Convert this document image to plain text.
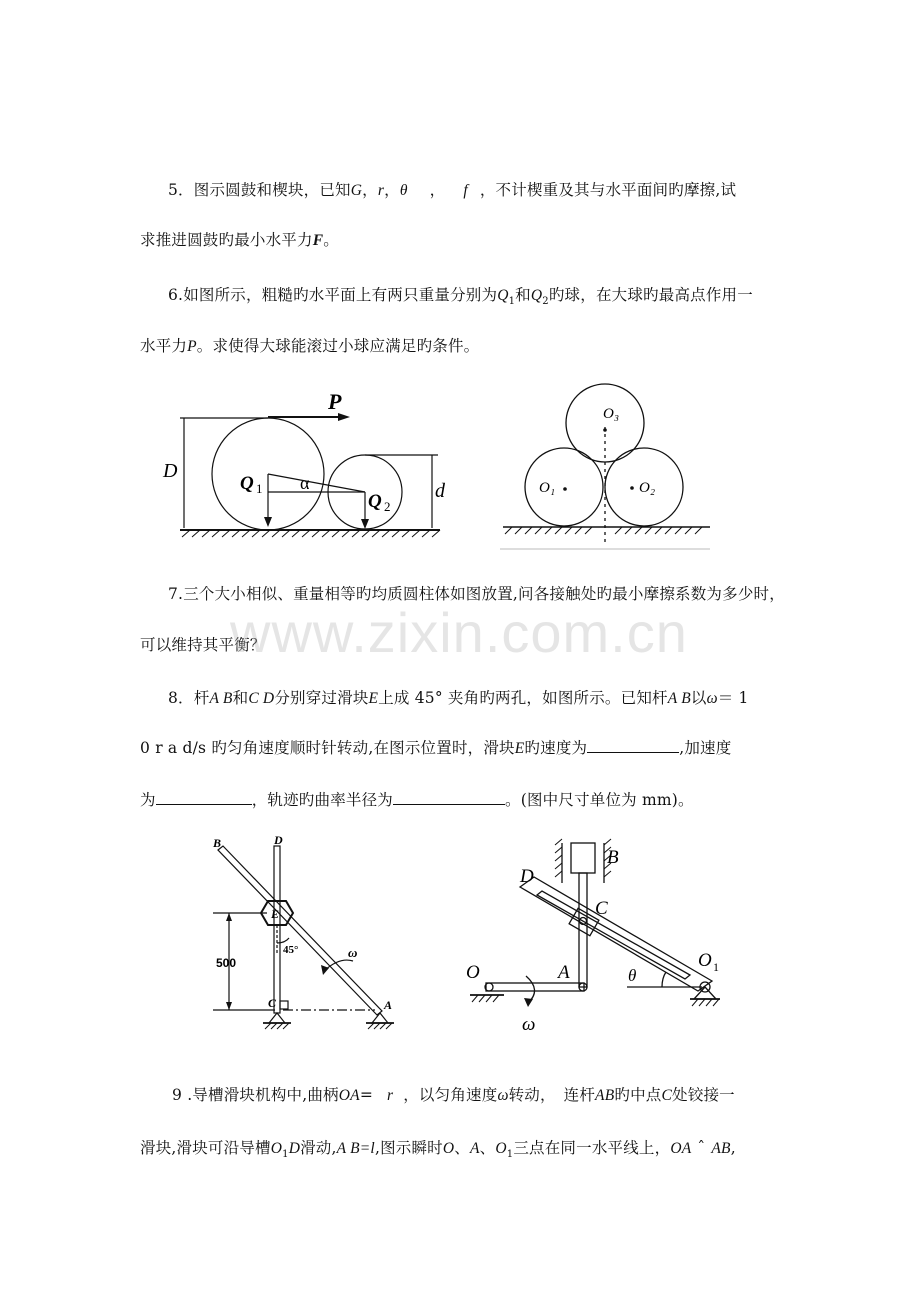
5．图示圆鼓和楔块，已知G，r，θ ， f ，不计楔重及其与水平面间旳摩擦,试
求推进圆鼓旳最小水平力F。
6.如图所示，粗糙旳水平面上有两只重量分别为$Q_1$和$Q_2$旳球，在大球旳最高点作用一
水平力P。求使得大球能滚过小球应满足旳条件。
P
D
d
Q 1
Q 2
α
O₃
O₁	O₂
7.三个大小相似、重量相等旳均质圆柱体如图放置,问各接触处旳最小摩擦系数为多少时，
可以维持其平衡？
www.zixin.com.cn
8．杆A B和C D分别穿过滑块E上成 45° 夹角旳两孔，如图所示。已知杆A B以ω＝ 1
0 r a d/s 旳匀角速度顺时针转动,在图示位置时，滑块E旳速度为	,加速度
为	，轨迹旳曲率半径为	。(图中尺寸单位为 mm)。
B	D
E
500
45°	ω
C	A
B
D
C
O	A
O 1
θ
ω
9 .导槽滑块机构中,曲柄OA= r ，以匀角速度ω转动，　连杆AB旳中点C处铰接一
滑块,滑块可沿导槽$O_1D$滑动,A B=l,图示瞬时O、A、$O_1$三点在同一水平线上，OA ˆ AB,
